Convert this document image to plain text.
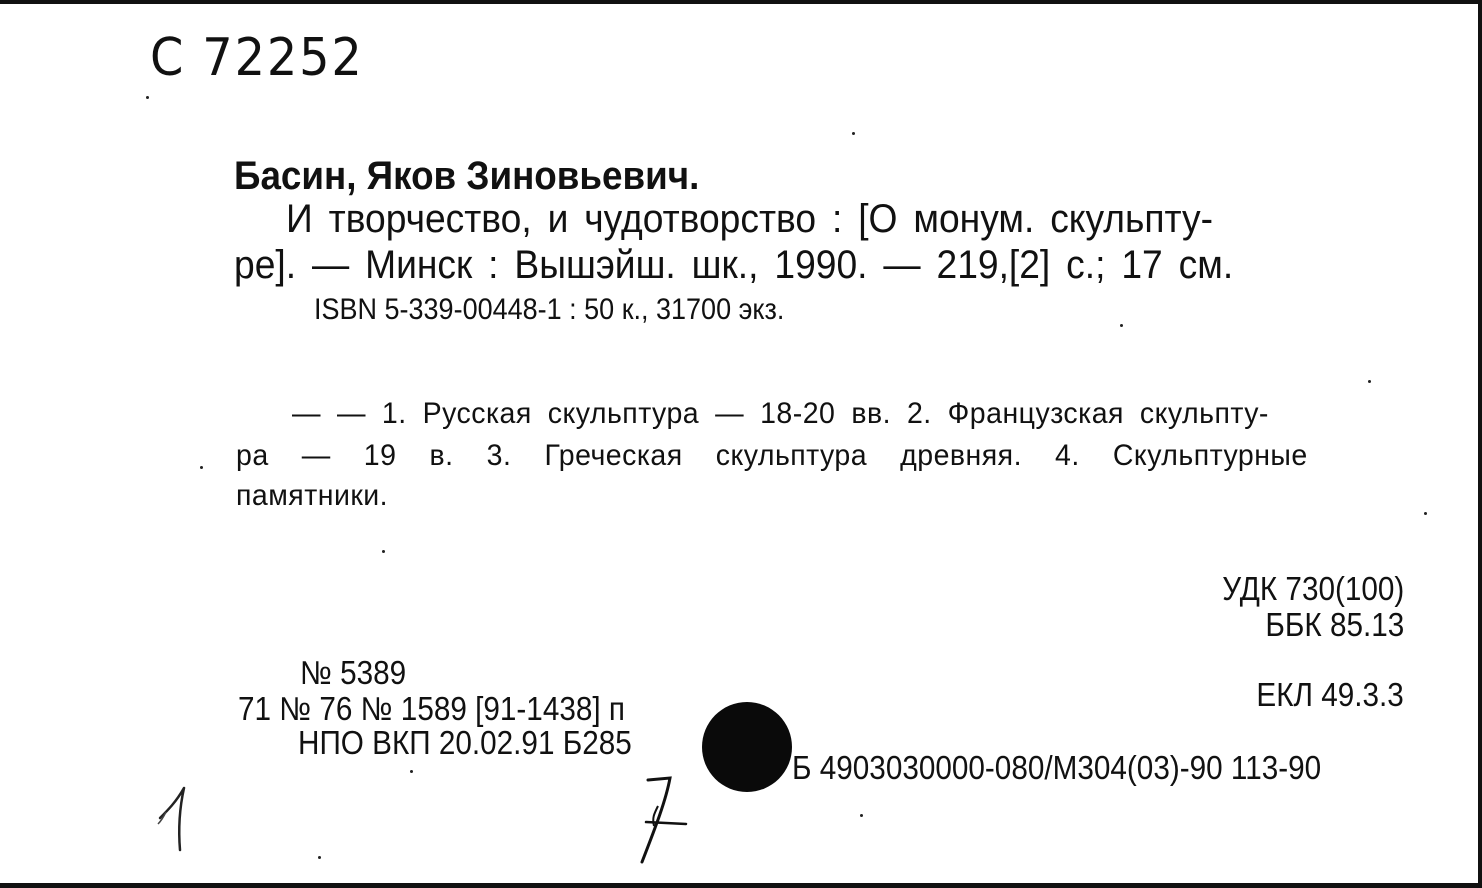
С 72252
Басин, Яков Зиновьевич.
И творчество, и чудотворство : [О монум. скульпту-
ре]. — Минск : Вышэйш. шк., 1990. — 219,[2] с.; 17 см.
ISBN 5-339-00448-1 : 50 к., 31700 экз.
— — 1. Русская скульптура — 18-20 вв. 2. Французская скульпту-
ра — 19 в. 3. Греческая скульптура древняя. 4. Скульптурные
памятники.
УДК 730(100)
ББК 85.13
ЕКЛ 49.3.3
№ 5389
71 № 76 № 1589 [91-1438] п
НПО ВКП 20.02.91 Б285
Б 4903030000-080/М304(03)-90 113-90
